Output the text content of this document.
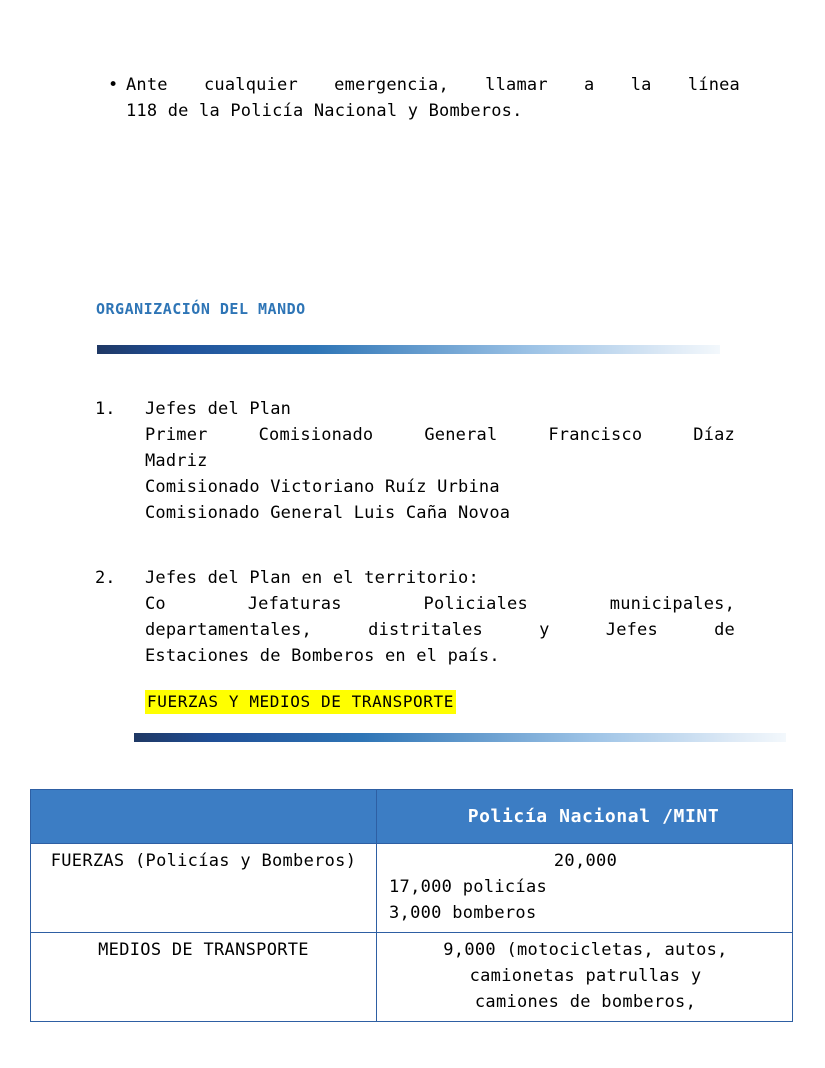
• Ante cualquier emergencia, llamar a la línea
118 de la Policía Nacional y Bomberos.
ORGANIZACIÓN DEL MANDO
1.	Jefes del Plan
Primer Comisionado General Francisco Díaz
Madriz
Comisionado Victoriano Ruíz Urbina
Comisionado General Luis Caña Novoa
2.	Jefes del Plan en el territorio:
Co Jefaturas Policiales municipales,
departamentales, distritales y Jefes de
Estaciones de Bomberos en el país.
FUERZAS Y MEDIOS DE TRANSPORTE
	Policía Nacional /MINT
FUERZAS (Policías y Bomberos)	20,000
17,000 policías
3,000 bomberos

MEDIOS DE TRANSPORTE	9,000 (motocicletas, autos,
camionetas patrullas y
camiones de bomberos,
